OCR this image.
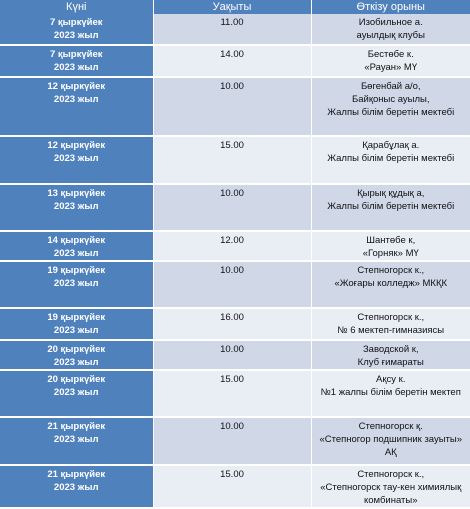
Күні	Уақыты	Өткізу орыны

7 қыркүйек
2023 жыл	11.00	Изобильное а.
ауылдық клубы

7 қыркүйек
2023 жыл	14.00	Бестөбе к.
«Рауан» МҮ

12 қыркүйек
2023 жыл	10.00	Бөгенбай а/о,
Байқоныс ауылы,
Жалпы білім беретін мектебі

12 қыркүйек
2023 жыл	15.00	Қарабұлақ а.
Жалпы білім беретін мектебі

13 қыркүйек
2023 жыл	10.00	Қырық құдық а,
Жалпы білім беретін мектебі

14 қыркүйек
2023 жыл	12.00	Шантөбе к,
«Горняк» МҮ

19 қыркүйек
2023 жыл	10.00	Степногорск к.,
«Жоғары колледж» МКҚК

19 қыркүйек
2023 жыл	16.00	Степногорск к.,
№ 6 мектеп-гимназиясы

20 қыркүйек
2023 жыл	10.00	Заводской к,
Клуб ғимараты

20 қыркүйек
2023 жыл	15.00	Ақсу к.
№1 жалпы білім беретін мектеп

21 қыркүйек
2023 жыл	10.00	Степногорск қ.
«Степногор подшипник зауыты»
АҚ

21 қыркүйек
2023 жыл	15.00	Степногорск к.,
«Степногорск тау-кен химиялық
комбинаты»
